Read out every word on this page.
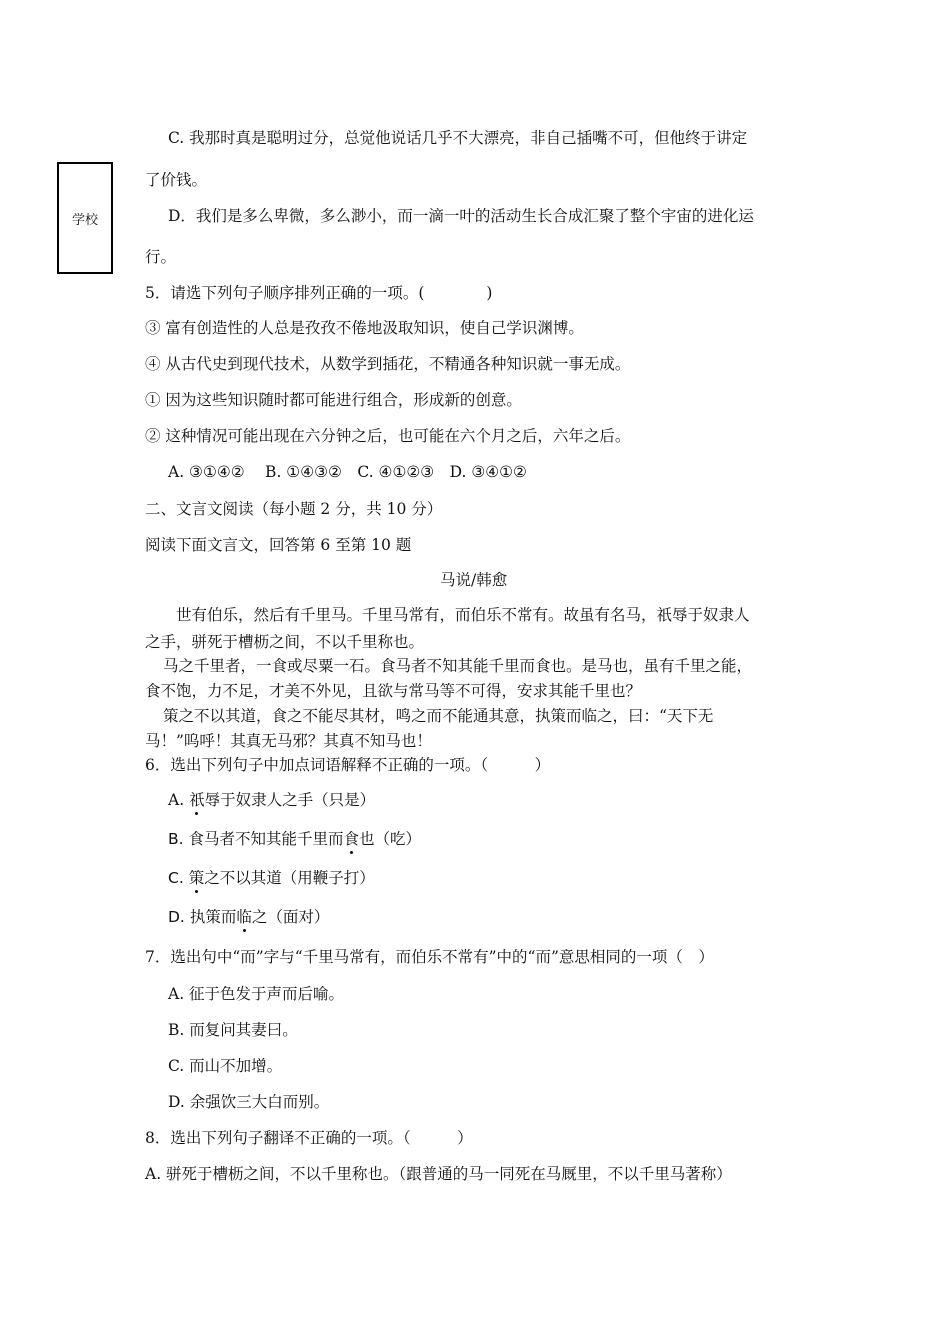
学校
C. 我那时真是聪明过分，总觉他说话几乎不大漂亮，非自己插嘴不可，但他终于讲定
了价钱。
D．我们是多么卑微，多么渺小，而一滴一叶的活动生长合成汇聚了整个宇宙的进化运
行。
5．请选下列句子顺序排列正确的一项。(　　　　)
③ 富有创造性的人总是孜孜不倦地汲取知识，使自己学识渊博。
④ 从古代史到现代技术，从数学到插花，不精通各种知识就一事无成。
① 因为这些知识随时都可能进行组合，形成新的创意。
② 这种情况可能出现在六分钟之后，也可能在六个月之后，六年之后。
A. ③①④②　 B. ①④③②　C. ④①②③　D. ③④①②
二、文言文阅读（每小题 2 分，共 10 分）
阅读下面文言文，回答第 6 至第 10 题
马说/韩愈
世有伯乐，然后有千里马。千里马常有，而伯乐不常有。故虽有名马，祇辱于奴隶人
之手，骈死于槽枥之间，不以千里称也。
马之千里者，一食或尽粟一石。食马者不知其能千里而食也。是马也，虽有千里之能，
食不饱，力不足，才美不外见，且欲与常马等不可得，安求其能千里也？
策之不以其道，食之不能尽其材，鸣之而不能通其意，执策而临之，曰：“天下无
马！”呜呼！其真无马邪？其真不知马也！
6．选出下列句子中加点词语解释不正确的一项。（　　　）
A. 祇辱于奴隶人之手（只是）
B. 食马者不知其能千里而食也（吃）
C. 策之不以其道（用鞭子打）
D. 执策而临之（面对）
7．选出句中“而”字与“千里马常有，而伯乐不常有”中的“而”意思相同的一项（　）
A. 征于色发于声而后喻。
B. 而复问其妻曰。
C. 而山不加增。
D. 余强饮三大白而别。
8．选出下列句子翻译不正确的一项。（　　　）
A. 骈死于槽枥之间，不以千里称也。（跟普通的马一同死在马厩里，不以千里马著称）
